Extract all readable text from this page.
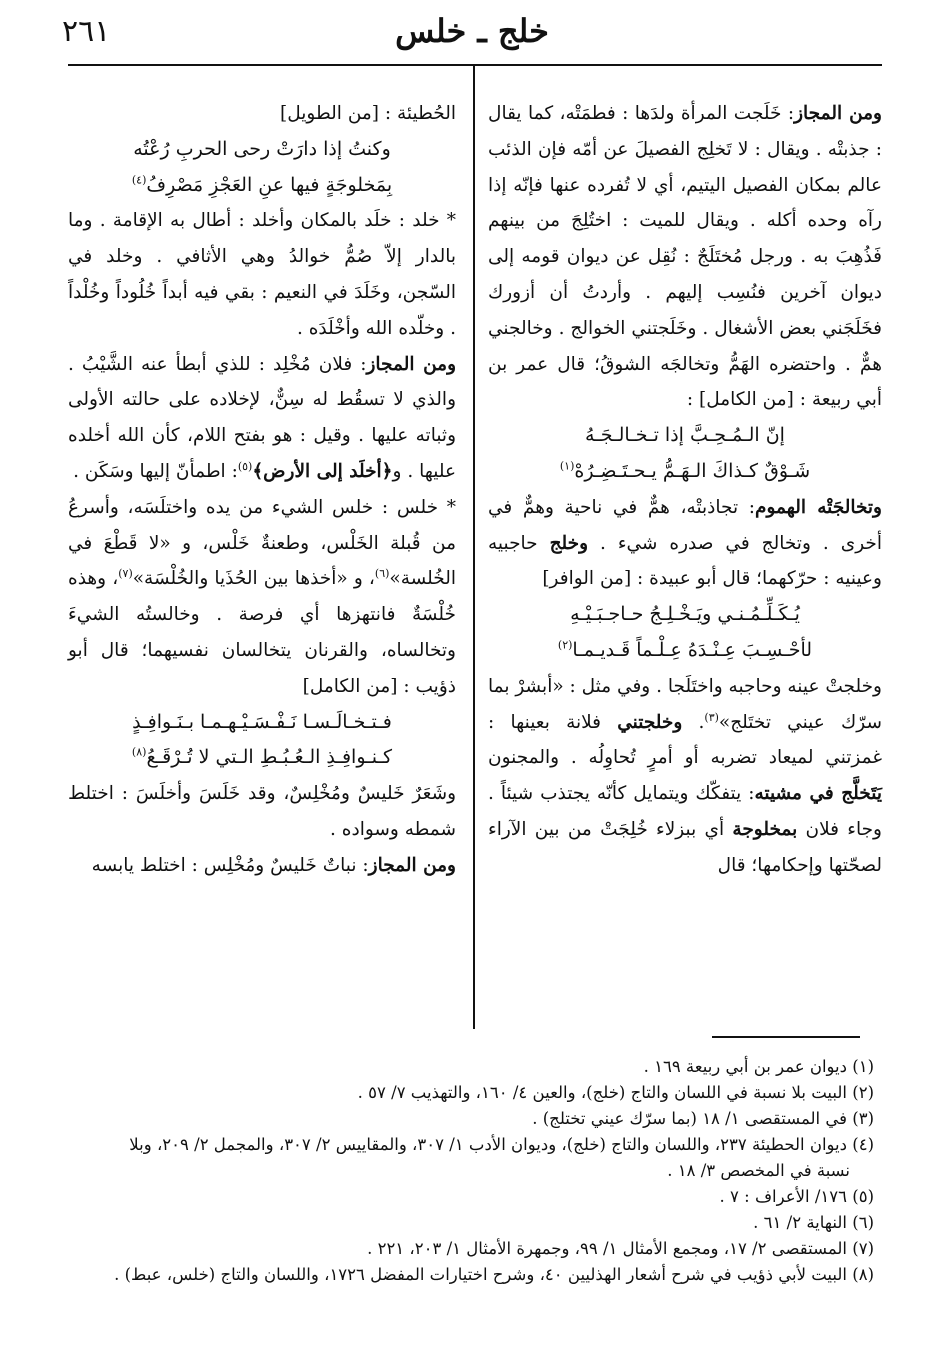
٢٦١	خلج ـ خلس

ومن المجاز: خَلَجت المرأة ولدَها : فطمَتْه، كما يقال : جذبتْه . ويقال : لا تَخلِج الفصيلَ عن أمّه فإن الذئب عالم بمكان الفصيل اليتيم، أي لا تُفرده عنها فإنّه إذا رآه وحده أكله . ويقال للميت : اختُلِجَ من بينهم فَذُهِبَ به . ورجل مُختَلَجٌ : نُقِل عن ديوان قومه إلى ديوان آخرين فنُسِب إليهم . وأردتُ أن أزورك فخَلَجَني بعض الأشغال . وخَلَجتني الخوالج . وخالجني همٌّ . واحتضره الهَمُّ وتخالجَه الشوقُ؛ قال عمر بن أبي ربيعة : [من الكامل] :

إنّ الـمُـحِـبَّ إذا تـخـالـجَـهُ

شَـوْقٌ كـذاكَ الـهَـمُّ يـحـتَـضِـرُهْ$^{(١)}$

وتخالجَتْه الهموم: تجاذبتْه، همٌّ في ناحية وهمٌّ في أخرى . وتخالج في صدره شيء . وخلج حاجبيه وعينيه : حرّكهما؛ قال أبو عبيدة : [من الوافر]

يُـكَـلِّـمُـنـي ويَـخْـلِـجُ حـاجـبَـيْـهِ

لأحْـسِـبَ عِـنْـدَهُ عِـلْـماً قَـديـمـا$^{(٢)}$

وخلجتْ عينه وحاجبه واختَلَجا . وفي مثل : «أبشرْ بما سرّك عيني تختَلج»$^{(٣)}$. وخلجتني فلانة بعينها : غمزتني لميعاد تضربه أو أمرٍ تُحاوِلُه . والمجنون يَتَخلَّج في مشيته: يتفكّك ويتمايل كأنّه يجتذب شيئاً . وجاء فلان بمخلوجة أي ببزلاء خُلِجَتْ من بين الآراء لصحّتها وإحكامها؛ قال

الحُطيئة : [من الطويل]

وكنتُ إذا دارَتْ رحى الحربِ رُعْتُه

بِمَخلوجَةٍ فيها عنِ العَجْزِ مَصْرِفُ$^{(٤)}$

* خلد : خلَد بالمكان وأخلد : أطال به الإقامة . وما بالدار إلاّ صُمُّ خوالدُ وهي الأثافي . وخلد في السّجن، وخَلَدَ في النعيم : بقي فيه أبداً خُلُوداً وخُلْداً . وخلّده الله وأخْلَدَه .

ومن المجاز: فلان مُخْلِد : للذي أبطأ عنه الشَّيْبُ . والذي لا تسقُط له سِنٌّ، لإخلاده على حالته الأولى وثباته عليها . وقيل : هو بفتح اللام، كأن الله أخلده عليها . و﴿أخلَد إلى الأرض﴾$^{(٥)}$: اطمأنّ إليها وسَكَن .

* خلس : خلس الشيء من يده واختلَسَه، وأسرعُ من قُبلة الخَلْس، وطعنةٌ خَلْس، و «لا قَطْعَ في الخُلسة»$^{(٦)}$، و «أخذها بين الحُذَيا والخُلْسَة»$^{(٧)}$، وهذه خُلْسَةٌ فانتهزها أي فرصة . وخالستُه الشيءَ وتخالساه، والقرنان يتخالسان نفسيهما؛ قال أبو ذؤيب : [من الكامل]

فـتـخـالَـسـا نَـفْـسَـيْـهـمـا بـنَـوافِـذٍ

كـنـوافِـذِ الـعُـبُـطِ الـتي لا تُـرْقَـعُ$^{(٨)}$

وشَعَرٌ خَليسٌ ومُخْلِسٌ، وقد خَلَسَ وأخلَسَ : اختلط شمطه وسواده .

ومن المجاز: نباتٌ خَليسٌ ومُخْلِس : اختلط يابسه

(١) ديوان عمر بن أبي ربيعة ١٦٩ .

(٢) البيت بلا نسبة في اللسان والتاج (خلج)، والعين ٤/ ١٦٠، والتهذيب ٧/ ٥٧ .

(٣) في المستقصى ١/ ١٨ (بما سرّك عيني تختلج) .

(٤) ديوان الحطيئة ٢٣٧، واللسان والتاج (خلج)، وديوان الأدب ١/ ٣٠٧، والمقاييس ٢/ ٣٠٧، والمجمل ٢/ ٢٠٩، وبلا

نسبة في المخصص ٣/ ١٨ .

(٥) ١٧٦/ الأعراف : ٧ .

(٦) النهاية ٢/ ٦١ .

(٧) المستقصى ٢/ ١٧، ومجمع الأمثال ١/ ٩٩، وجمهرة الأمثال ١/ ٢٠٣، ٢٢١ .

(٨) البيت لأبي ذؤيب في شرح أشعار الهذليين ٤٠، وشرح اختيارات المفضل ١٧٢٦، واللسان والتاج (خلس، عبط) .
